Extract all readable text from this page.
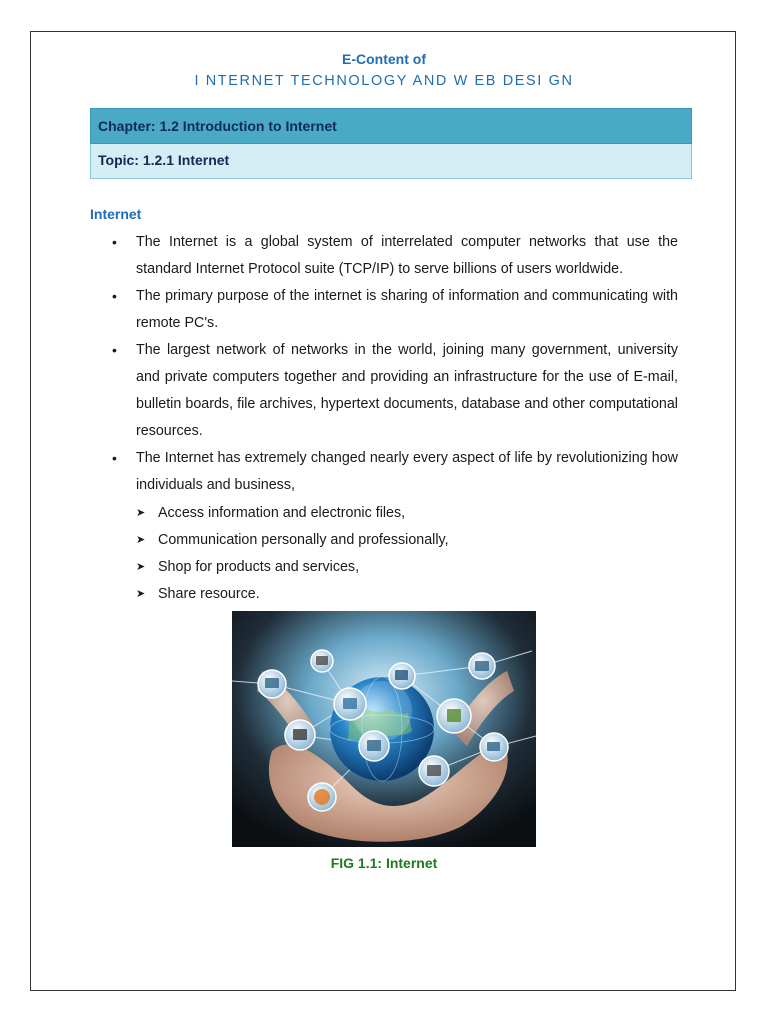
E-Content of
I NTERNET TECHNOLOGY AND W EB DESI GN
Chapter: 1.2 Introduction to Internet
Topic: 1.2.1 Internet
Internet
• The Internet is a global system of interrelated computer networks that use the standard Internet Protocol suite (TCP/IP) to serve billions of users worldwide.
• The primary purpose of the internet is sharing of information and communicating with remote PC's.
• The largest network of networks in the world, joining many government, university and private computers together and providing an infrastructure for the use of E-mail, bulletin boards, file archives, hypertext documents, database and other computational resources.
• The Internet has extremely changed nearly every aspect of life by revolutionizing how individuals and business,
➤ Access information and electronic files,
➤ Communication personally and professionally,
➤ Shop for products and services,
➤ Share resource.
FIG 1.1: Internet
